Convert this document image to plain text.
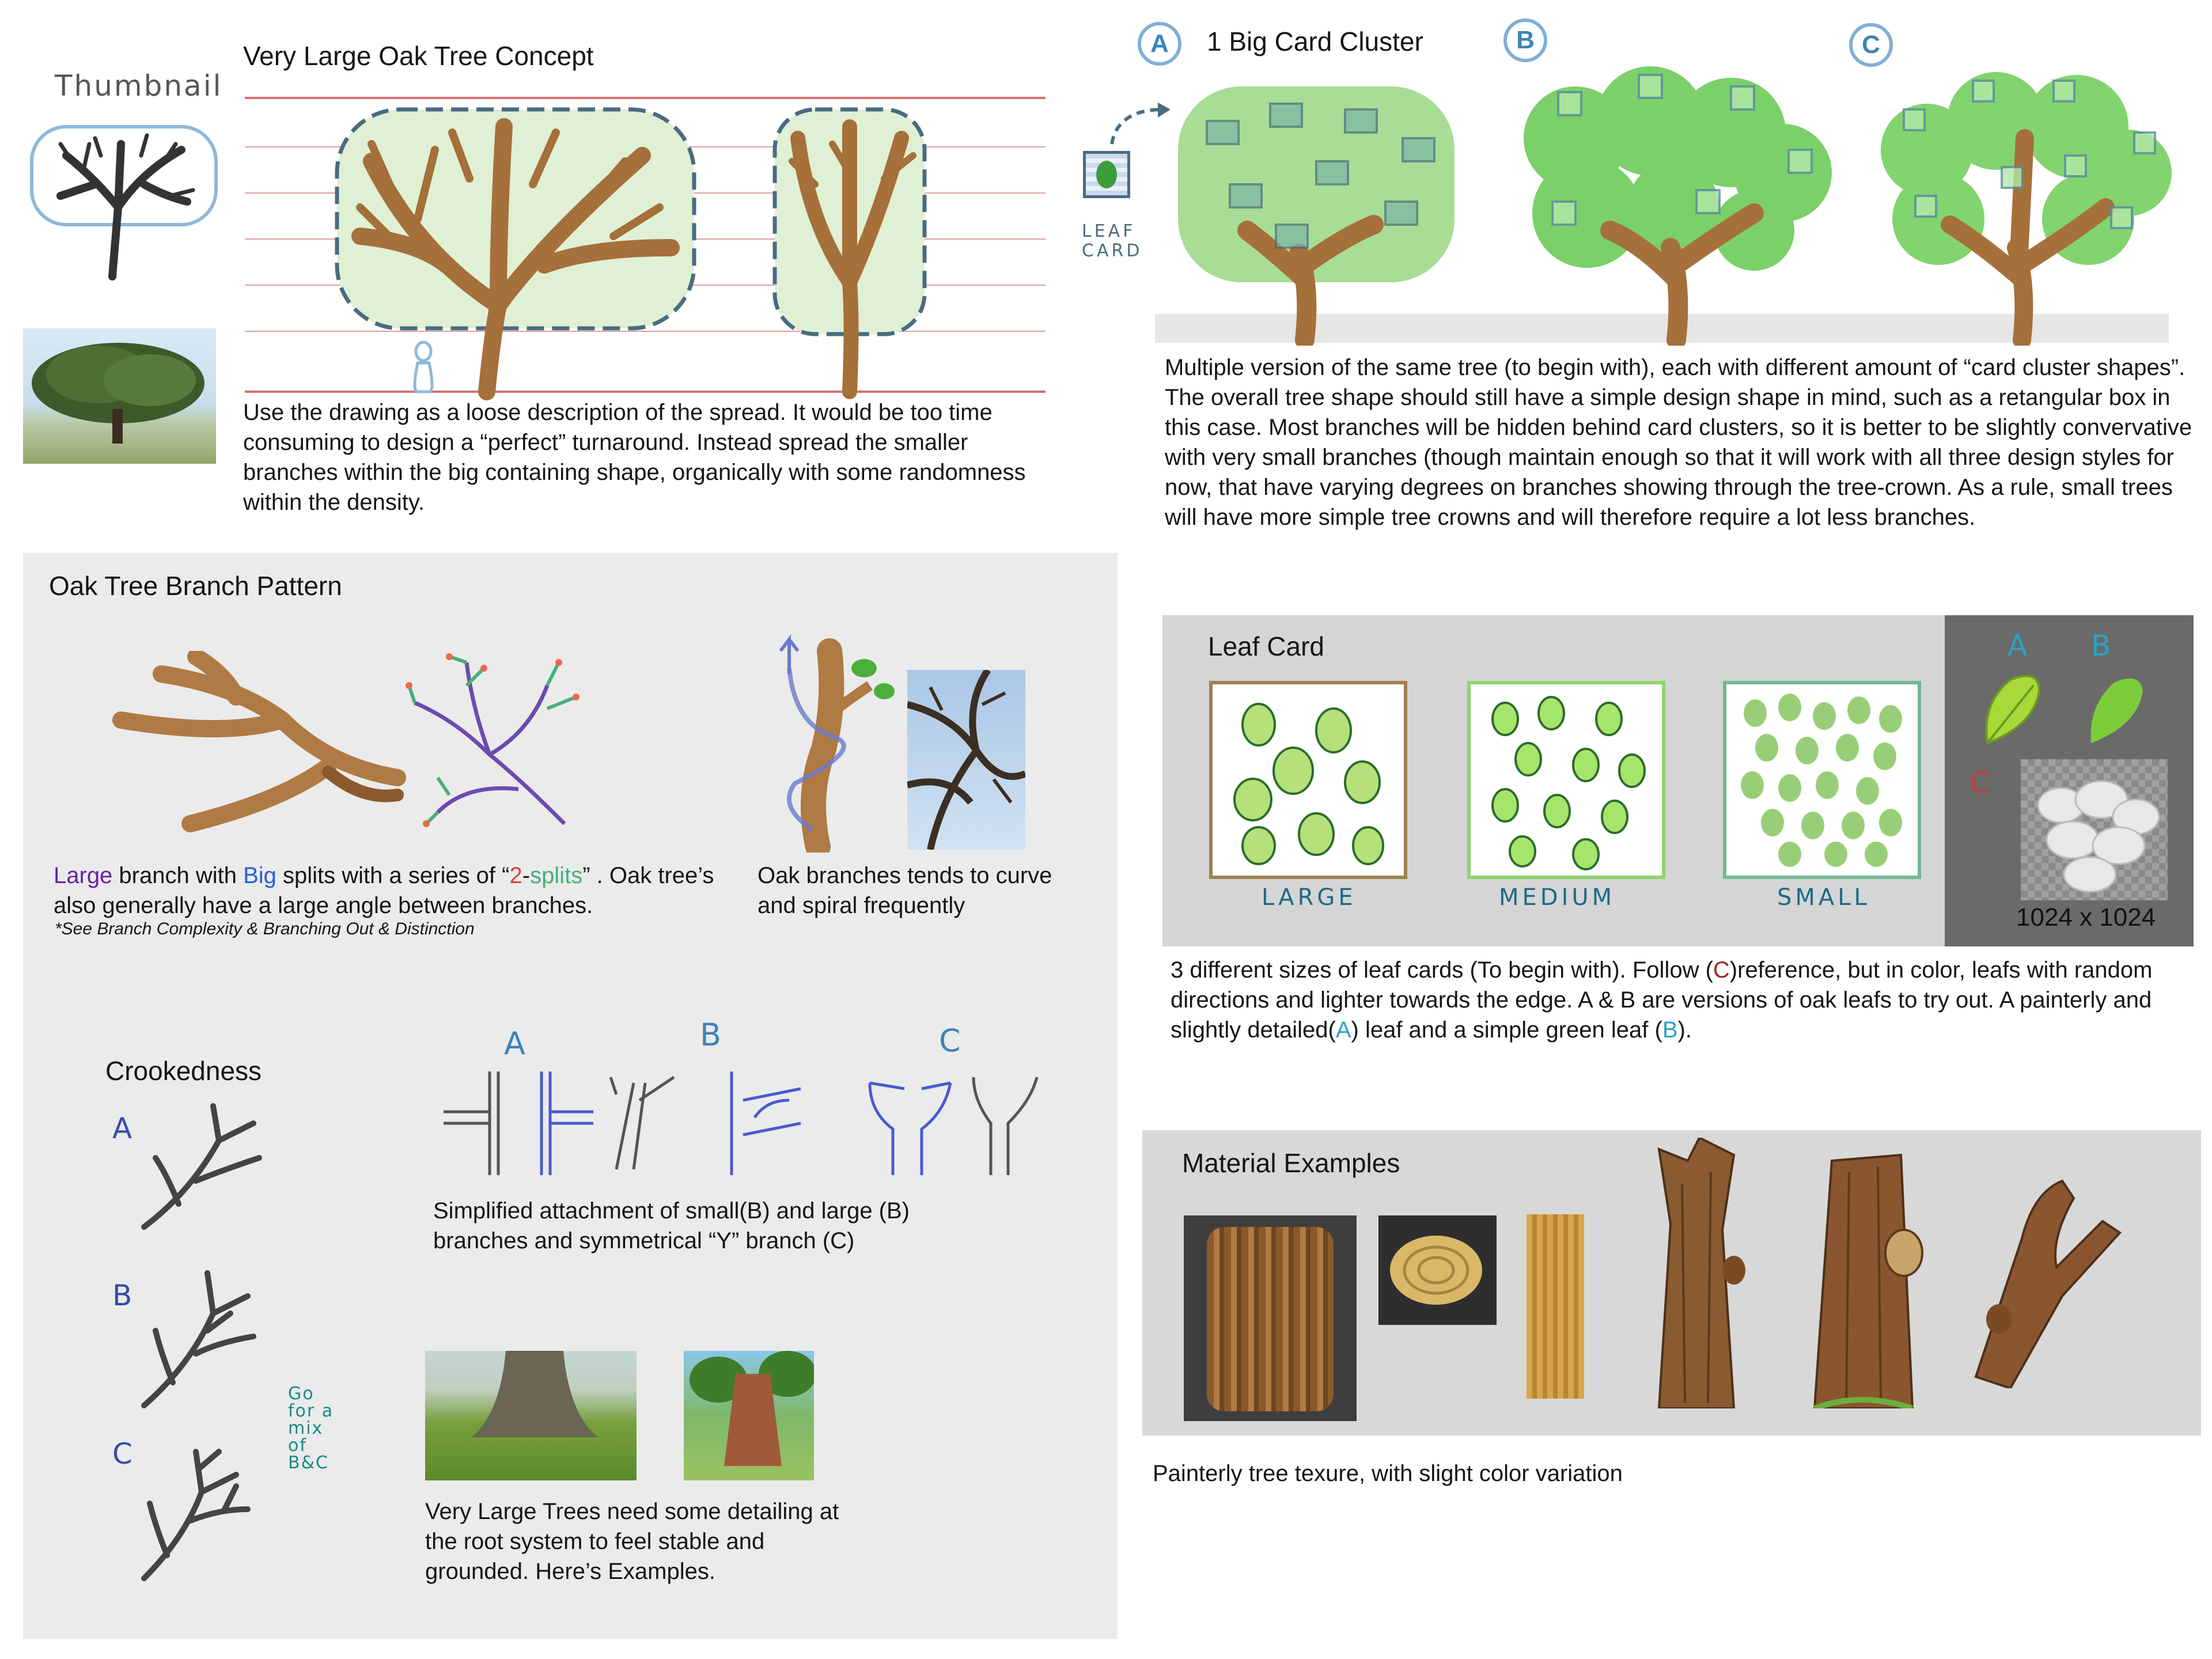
Thumbnail
Very Large Oak Tree Concept
Use the drawing as a loose description of the spread. It would be too time consuming to design a “perfect” turnaround. Instead spread the smaller branches within the big containing shape, organically with some randomness within the density.
A	1 Big Card Cluster	B	C
LEAF
CARD
Multiple version of the same tree (to begin with), each with different amount of “card cluster shapes”. The overall tree shape should still have a simple design shape in mind, such as a retangular box in this case. Most branches will be hidden behind card clusters, so it is better to be slightly convervative with very small branches (though maintain enough so that it will work with all three design styles for now, that have varying degrees on branches showing through the tree-crown. As a rule, small trees will have more simple tree crowns and will therefore require a lot less branches.
Oak Tree Branch Pattern
Large branch with Big splits with a series of “2-splits” . Oak tree’s also generally have a large angle between branches.
*See Branch Complexity & Branching Out & Distinction
Oak branches tends to curve and spiral frequently
Crookedness
A
B
C
Go
for a
mix
of
B&C
A	B	C
Simplified attachment of small(B) and large (B) branches and symmetrical “Y” branch (C)
Very Large Trees need some detailing at the root system to feel stable and grounded. Here’s Examples.
Leaf Card
LARGE	MEDIUM	SMALL
A B
C
1024 x 1024
3 different sizes of leaf cards (To begin with). Follow (C)reference, but in color, leafs with random directions and lighter towards the edge. A & B are versions of oak leafs to try out. A painterly and slightly detailed(A) leaf and a simple green leaf (B).
Material Examples
Painterly tree texure, with slight color variation
